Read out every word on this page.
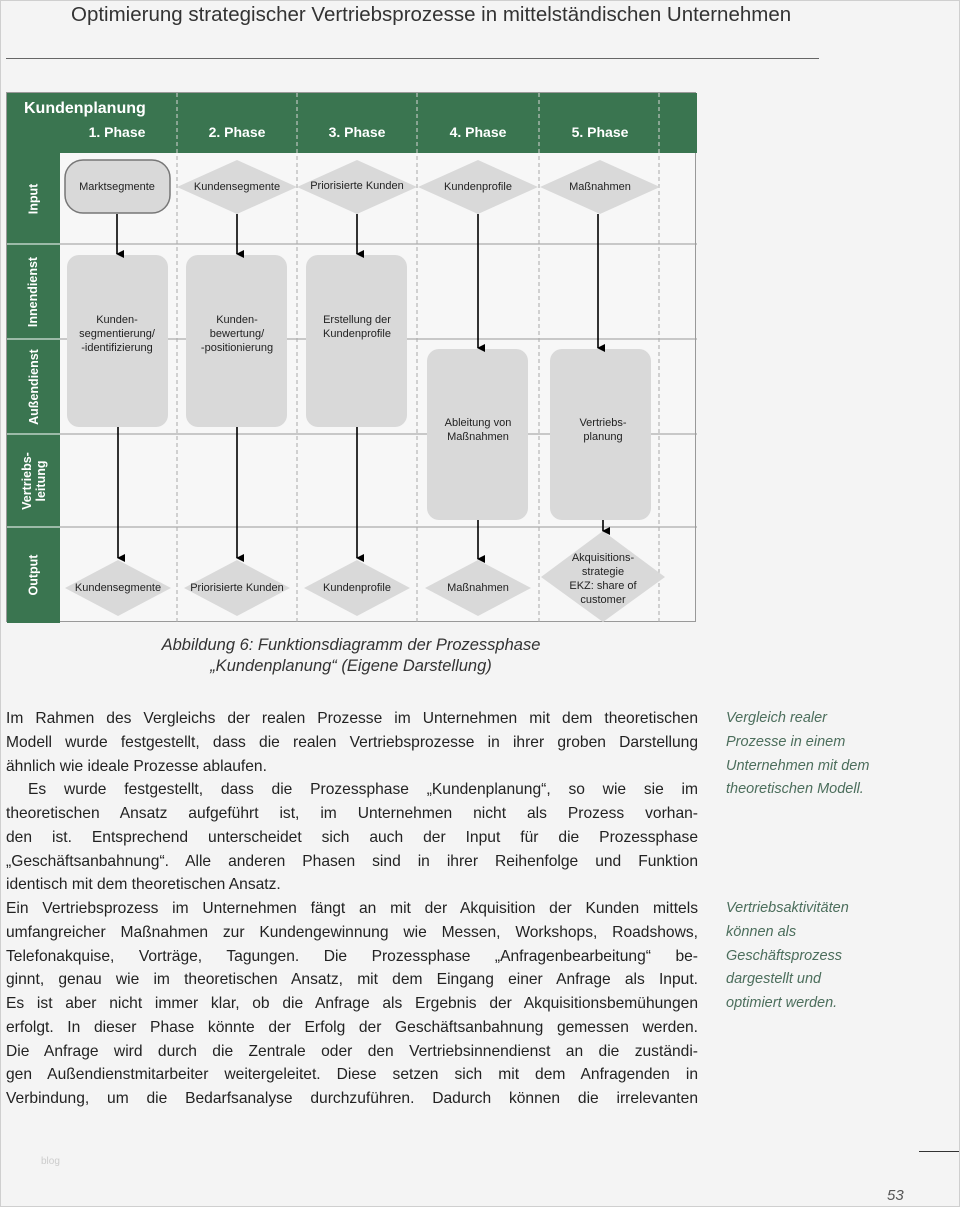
Optimierung strategischer Vertriebsprozesse in mittelständischen Unternehmen
Kundenplanung
1. Phase	2. Phase	3. Phase	4. Phase	5. Phase
Input
Innendienst
Außendienst
Vertriebs-
leitung
Output
Marktsegmente	Kundensegmente	Priorisierte Kunden	Kundenprofile	Maßnahmen
Kunden-
segmentierung/
-identifizierung
Kunden-
bewertung/
-positionierung
Erstellung der
Kundenprofile
Ableitung von
Maßnahmen
Vertriebs-
planung
Kundensegmente	Priorisierte Kunden	Kundenprofile	Maßnahmen
Akquisitions-
strategie
EKZ: share of
customer
Abbildung 6: Funktionsdiagramm der Prozessphase
„Kundenplanung“ (Eigene Darstellung)
Im Rahmen des Vergleichs der realen Prozesse im Unternehmen mit dem theoretischen
Modell wurde festgestellt, dass die realen Vertriebsprozesse in ihrer groben Darstellung
ähnlich wie ideale Prozesse ablaufen.
Es wurde festgestellt, dass die Prozessphase „Kundenplanung“, so wie sie im
theoretischen Ansatz aufgeführt ist, im Unternehmen nicht als Prozess vorhan-
den ist. Entsprechend unterscheidet sich auch der Input für die Prozessphase
„Geschäftsanbahnung“. Alle anderen Phasen sind in ihrer Reihenfolge und Funktion
identisch mit dem theoretischen Ansatz.
Ein Vertriebsprozess im Unternehmen fängt an mit der Akquisition der Kunden mittels
umfangreicher Maßnahmen zur Kundengewinnung wie Messen, Workshops, Roadshows,
Telefonakquise, Vorträge, Tagungen. Die Prozessphase „Anfragenbearbeitung“ be-
ginnt, genau wie im theoretischen Ansatz, mit dem Eingang einer Anfrage als Input.
Es ist aber nicht immer klar, ob die Anfrage als Ergebnis der Akquisitionsbemühungen
erfolgt. In dieser Phase könnte der Erfolg der Geschäftsanbahnung gemessen werden.
Die Anfrage wird durch die Zentrale oder den Vertriebsinnendienst an die zuständi-
gen Außendienstmitarbeiter weitergeleitet. Diese setzen sich mit dem Anfragenden in
Verbindung, um die Bedarfsanalyse durchzuführen. Dadurch können die irrelevanten
Vergleich realer
Prozesse in einem
Unternehmen mit dem
theoretischen Modell.
Vertriebsaktivitäten
können als
Geschäftsprozess
dargestellt und
optimiert werden.
blog
53
